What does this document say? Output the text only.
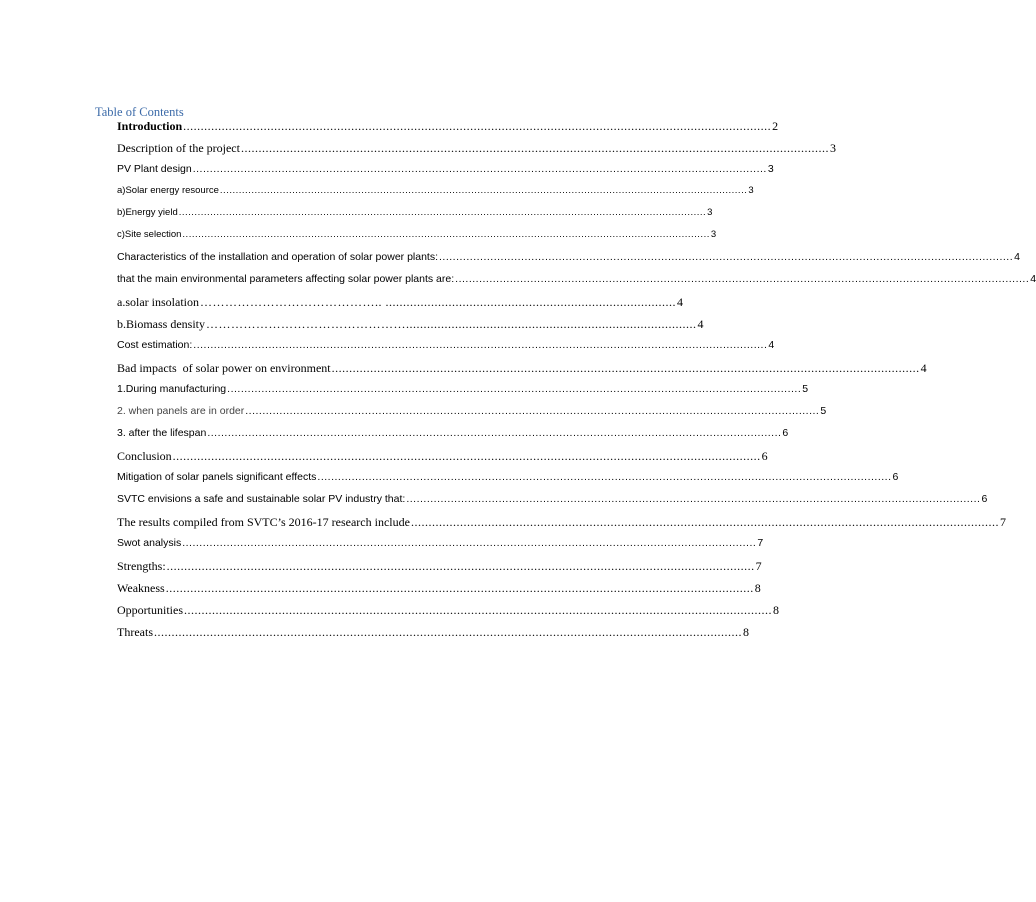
Table of Contents
Introduction ........................................................................................................................................................................ 2
Description of the project ........................................................................................................................................................................ 3
PV Plant design ........................................................................................................................................................................ 3
a)Solar energy resource ........................................................................................................................................................................ 3
b)Energy yield ........................................................................................................................................................................ 3
c)Site selection ........................................................................................................................................................................ 3
Characteristics of the installation and operation of solar power plants: ........................................................................................................................................................................ 4
that the main environmental parameters affecting solar power plants are: ........................................................................................................................................................................ 4
a.solar insolation …………………………………….. ................................................................................... 4
b.Biomass density …………………………………………................................................................................... 4
Cost estimation: ........................................................................................................................................................................ 4
Bad impacts  of solar power on environment ........................................................................................................................................................................ 4
1.During manufacturing ........................................................................................................................................................................ 5
2. when panels are in order ........................................................................................................................................................................ 5
3. after the lifespan ........................................................................................................................................................................ 6
Conclusion ........................................................................................................................................................................ 6
Mitigation of solar panels significant effects ........................................................................................................................................................................ 6
SVTC envisions a safe and sustainable solar PV industry that: ........................................................................................................................................................................ 6
The results compiled from SVTC’s 2016-17 research include ........................................................................................................................................................................ 7
Swot analysis ........................................................................................................................................................................ 7
Strengths: ........................................................................................................................................................................ 7
Weakness ........................................................................................................................................................................ 8
Opportunities ........................................................................................................................................................................ 8
Threats ........................................................................................................................................................................ 8
